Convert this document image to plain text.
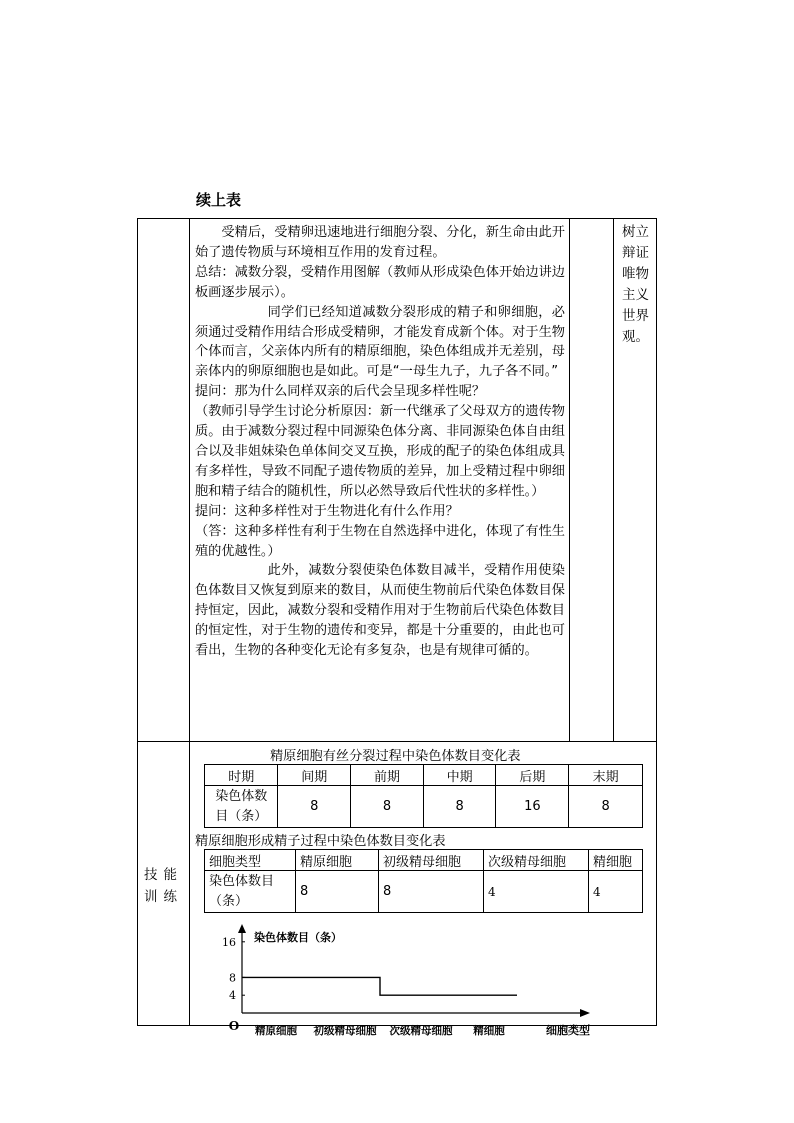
续上表

受精后，受精卵迅速地进行细胞分裂、分化，新生命由此开始了遗传物质与环境相互作用的发育过程。

总结：减数分裂，受精作用图解（教师从形成染色体开始边讲边板画逐步展示）。

同学们已经知道减数分裂形成的精子和卵细胞，必须通过受精作用结合形成受精卵，才能发育成新个体。对于生物个体而言，父亲体内所有的精原细胞，染色体组成并无差别，母亲体内的卵原细胞也是如此。可是“一母生九子，九子各不同。”

提问：那为什么同样双亲的后代会呈现多样性呢？

（教师引导学生讨论分析原因：新一代继承了父母双方的遗传物质。由于减数分裂过程中同源染色体分离、非同源染色体自由组合以及非姐妹染色单体间交叉互换，形成的配子的染色体组成具有多样性，导致不同配子遗传物质的差异，加上受精过程中卵细胞和精子结合的随机性，所以必然导致后代性状的多样性。）

提问：这种多样性对于生物进化有什么作用？

（答：这种多样性有利于生物在自然选择中进化，体现了有性生殖的优越性。）

此外，减数分裂使染色体数目减半，受精作用使染色体数目又恢复到原来的数目，从而使生物前后代染色体数目保持恒定，因此，减数分裂和受精作用对于生物前后代染色体数目的恒定性，对于生物的遗传和变异，都是十分重要的，由此也可看出，生物的各种变化无论有多复杂，也是有规律可循的。

树立辩证唯物主义世界观。
技能训练
精原细胞有丝分裂过程中染色体数目变化表
时期	间期	前期	中期	后期	末期
染色体数目（条）	8	8	8	16	8
精原细胞形成精子过程中染色体数目变化表
细胞类型	精原细胞	初级精母细胞	次级精母细胞	精细胞
染色体数目（条）	8	8	4	4
染色体数目（条）
O	细胞类型
16
8
4
精原细胞 初级精母细胞 次级精母细胞 精细胞
